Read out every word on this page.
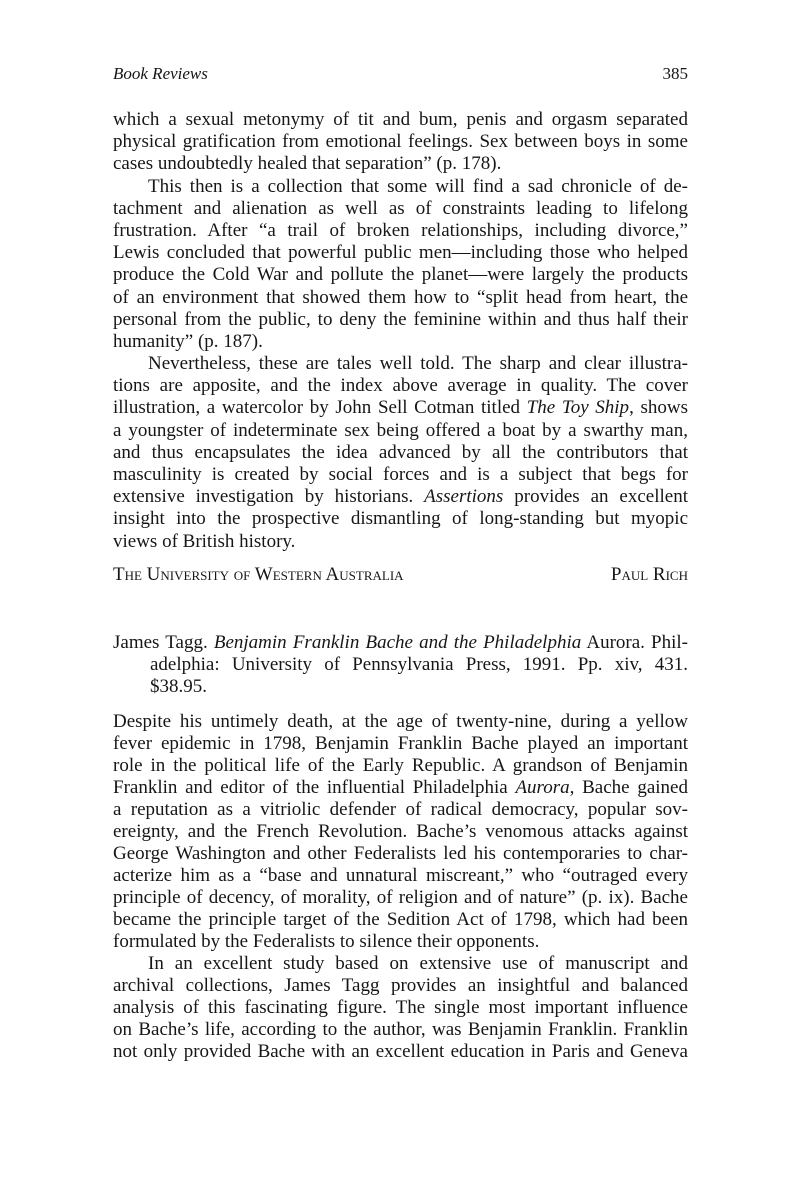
Book Reviews	385
which a sexual metonymy of tit and bum, penis and orgasm separated
physical gratification from emotional feelings. Sex between boys in some
cases undoubtedly healed that separation” (p. 178).
This then is a collection that some will find a sad chronicle of de-
tachment and alienation as well as of constraints leading to lifelong
frustration. After “a trail of broken relationships, including divorce,”
Lewis concluded that powerful public men—including those who helped
produce the Cold War and pollute the planet—were largely the products
of an environment that showed them how to “split head from heart, the
personal from the public, to deny the feminine within and thus half their
humanity” (p. 187).
Nevertheless, these are tales well told. The sharp and clear illustra-
tions are apposite, and the index above average in quality. The cover
illustration, a watercolor by John Sell Cotman titled The Toy Ship, shows
a youngster of indeterminate sex being offered a boat by a swarthy man,
and thus encapsulates the idea advanced by all the contributors that
masculinity is created by social forces and is a subject that begs for
extensive investigation by historians. Assertions provides an excellent
insight into the prospective dismantling of long-standing but myopic
views of British history.
The University of Western Australia	Paul Rich
James Tagg. Benjamin Franklin Bache and the Philadelphia Aurora. Phil-
adelphia: University of Pennsylvania Press, 1991. Pp. xiv, 431.
$38.95.
Despite his untimely death, at the age of twenty-nine, during a yellow
fever epidemic in 1798, Benjamin Franklin Bache played an important
role in the political life of the Early Republic. A grandson of Benjamin
Franklin and editor of the influential Philadelphia Aurora, Bache gained
a reputation as a vitriolic defender of radical democracy, popular sov-
ereignty, and the French Revolution. Bache’s venomous attacks against
George Washington and other Federalists led his contemporaries to char-
acterize him as a “base and unnatural miscreant,” who “outraged every
principle of decency, of morality, of religion and of nature” (p. ix). Bache
became the principle target of the Sedition Act of 1798, which had been
formulated by the Federalists to silence their opponents.
In an excellent study based on extensive use of manuscript and
archival collections, James Tagg provides an insightful and balanced
analysis of this fascinating figure. The single most important influence
on Bache’s life, according to the author, was Benjamin Franklin. Franklin
not only provided Bache with an excellent education in Paris and Geneva
